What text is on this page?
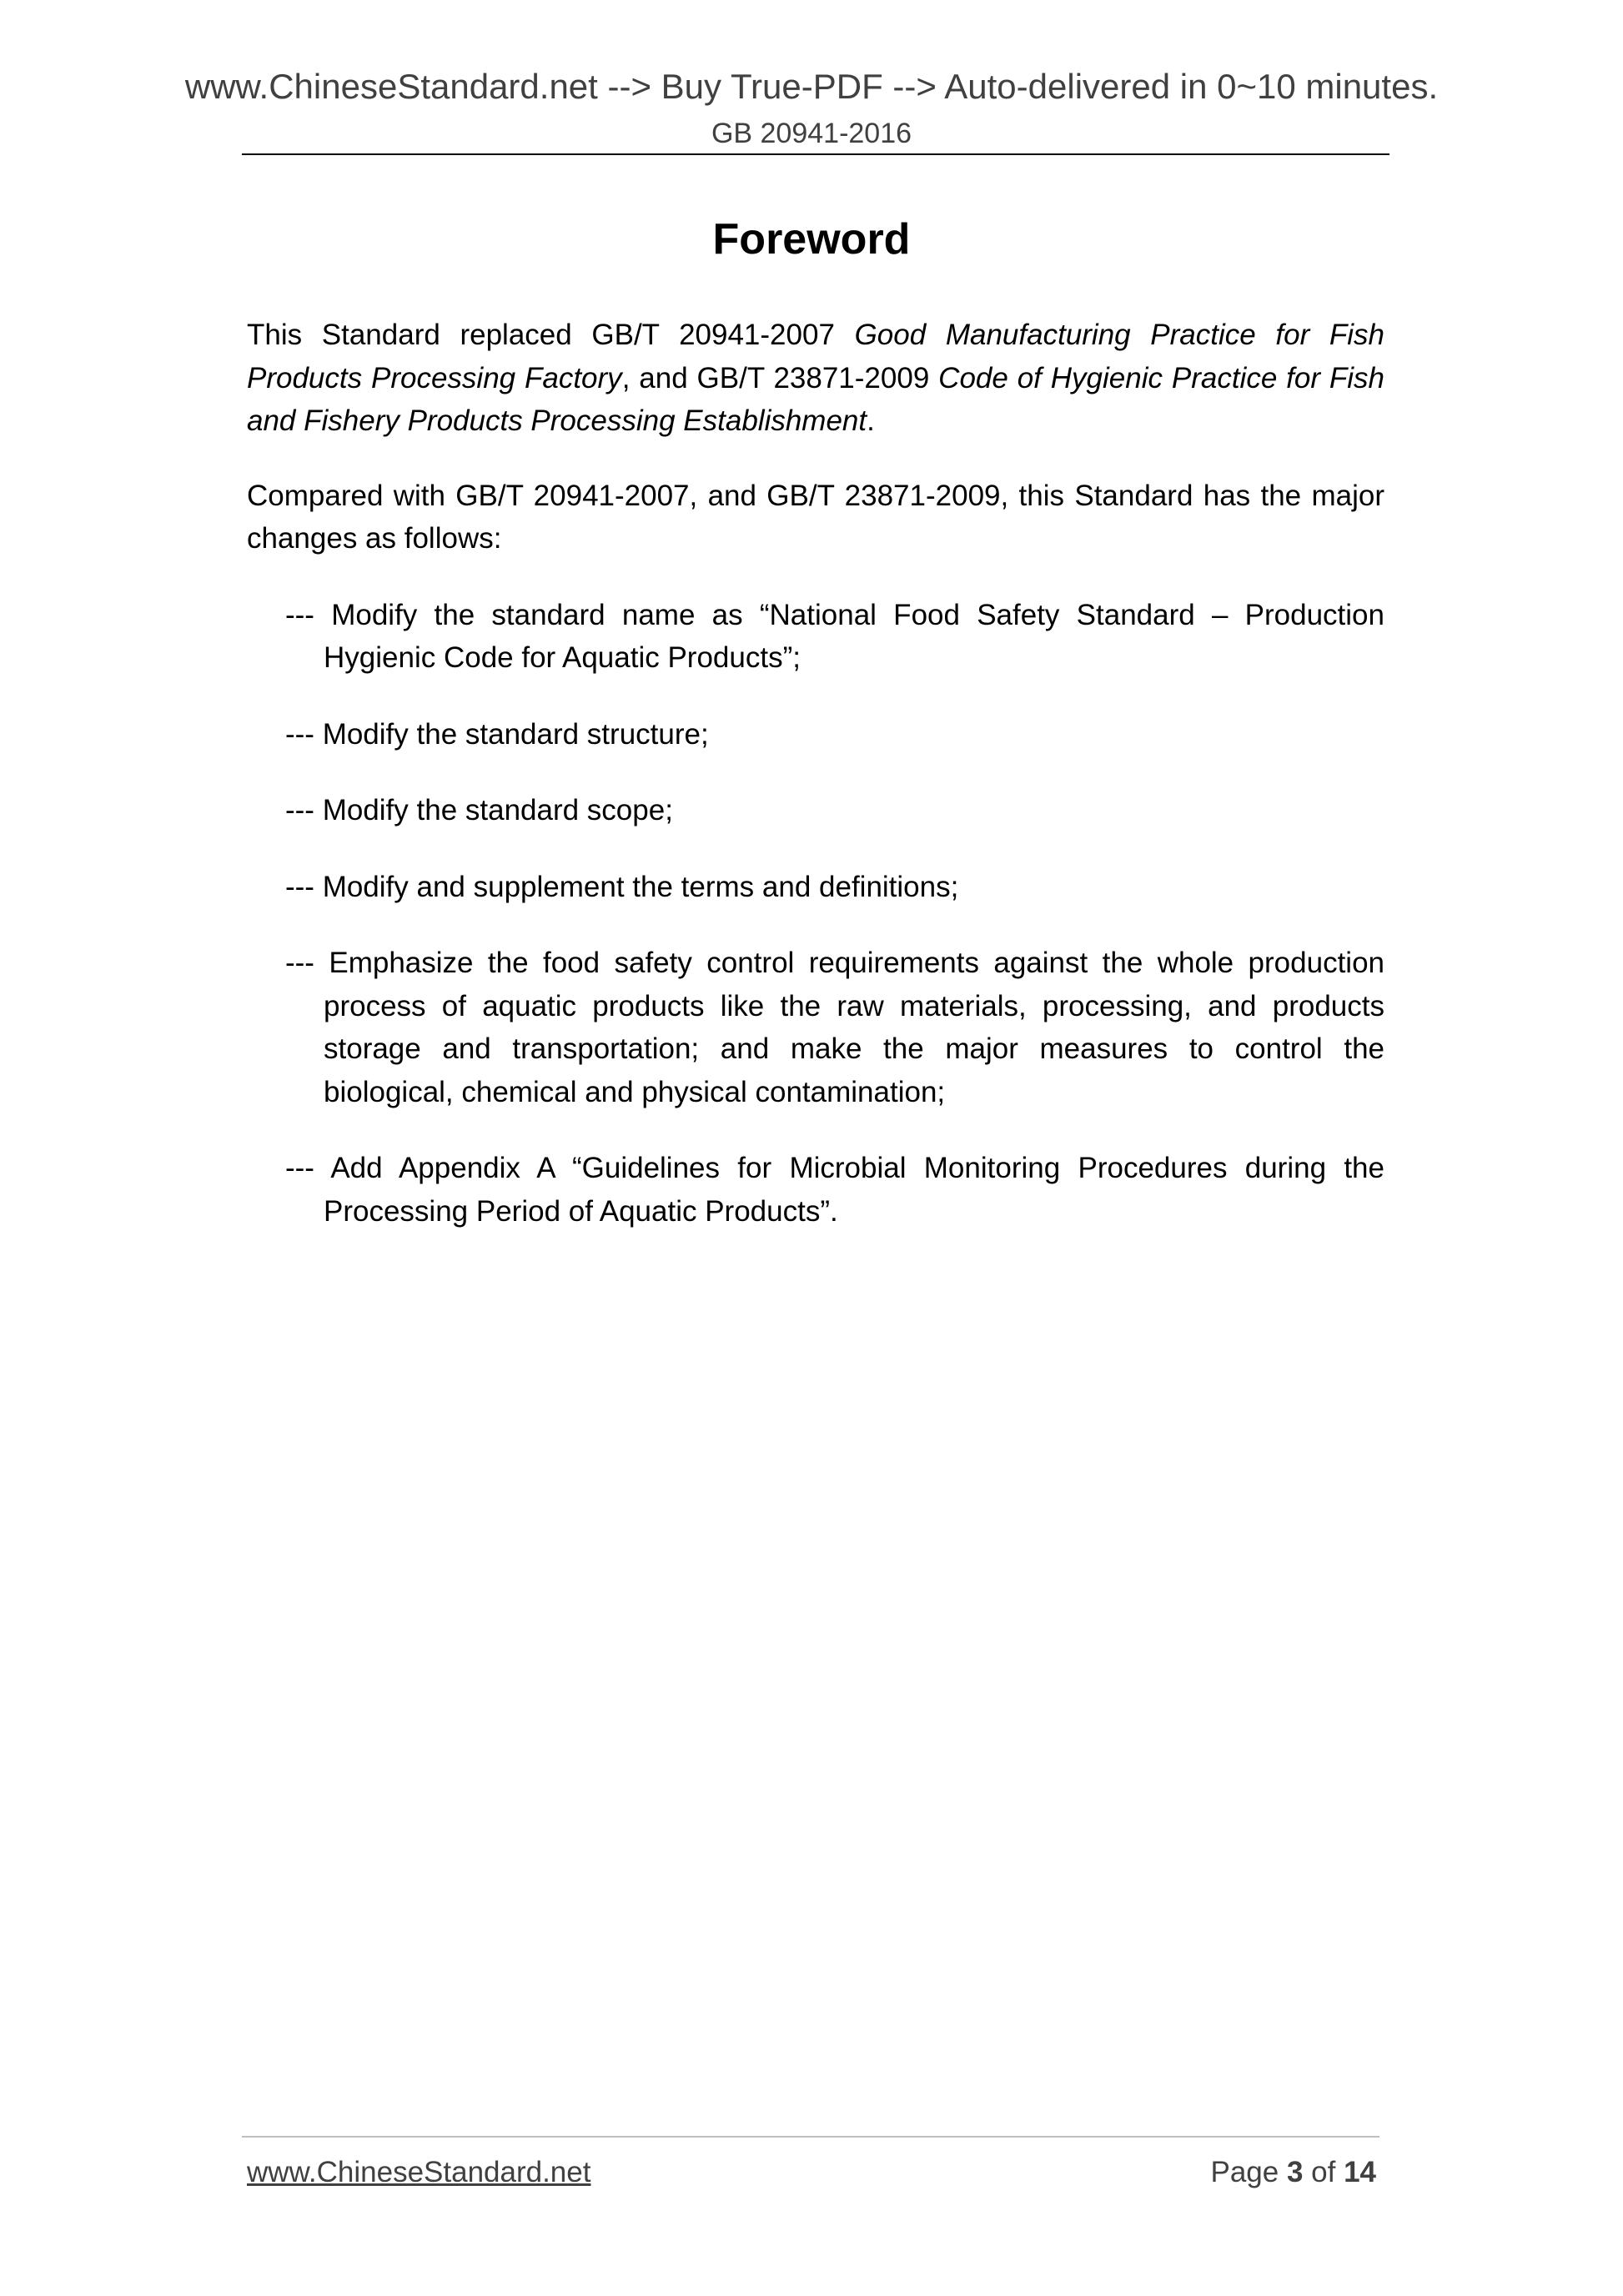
www.ChineseStandard.net --> Buy True-PDF --> Auto-delivered in 0~10 minutes.
GB 20941-2016
Foreword

This Standard replaced GB/T 20941-2007 Good Manufacturing Practice for Fish Products Processing Factory, and GB/T 23871-2009 Code of Hygienic Practice for Fish and Fishery Products Processing Establishment.

Compared with GB/T 20941-2007, and GB/T 23871-2009, this Standard has the major changes as follows:

--- Modify the standard name as “National Food Safety Standard – Production Hygienic Code for Aquatic Products”;
--- Modify the standard structure;
--- Modify the standard scope;
--- Modify and supplement the terms and definitions;
--- Emphasize the food safety control requirements against the whole production process of aquatic products like the raw materials, processing, and products storage and transportation; and make the major measures to control the biological, chemical and physical contamination;
--- Add Appendix A “Guidelines for Microbial Monitoring Procedures during the Processing Period of Aquatic Products”.
www.ChineseStandard.net	Page 3 of 14
